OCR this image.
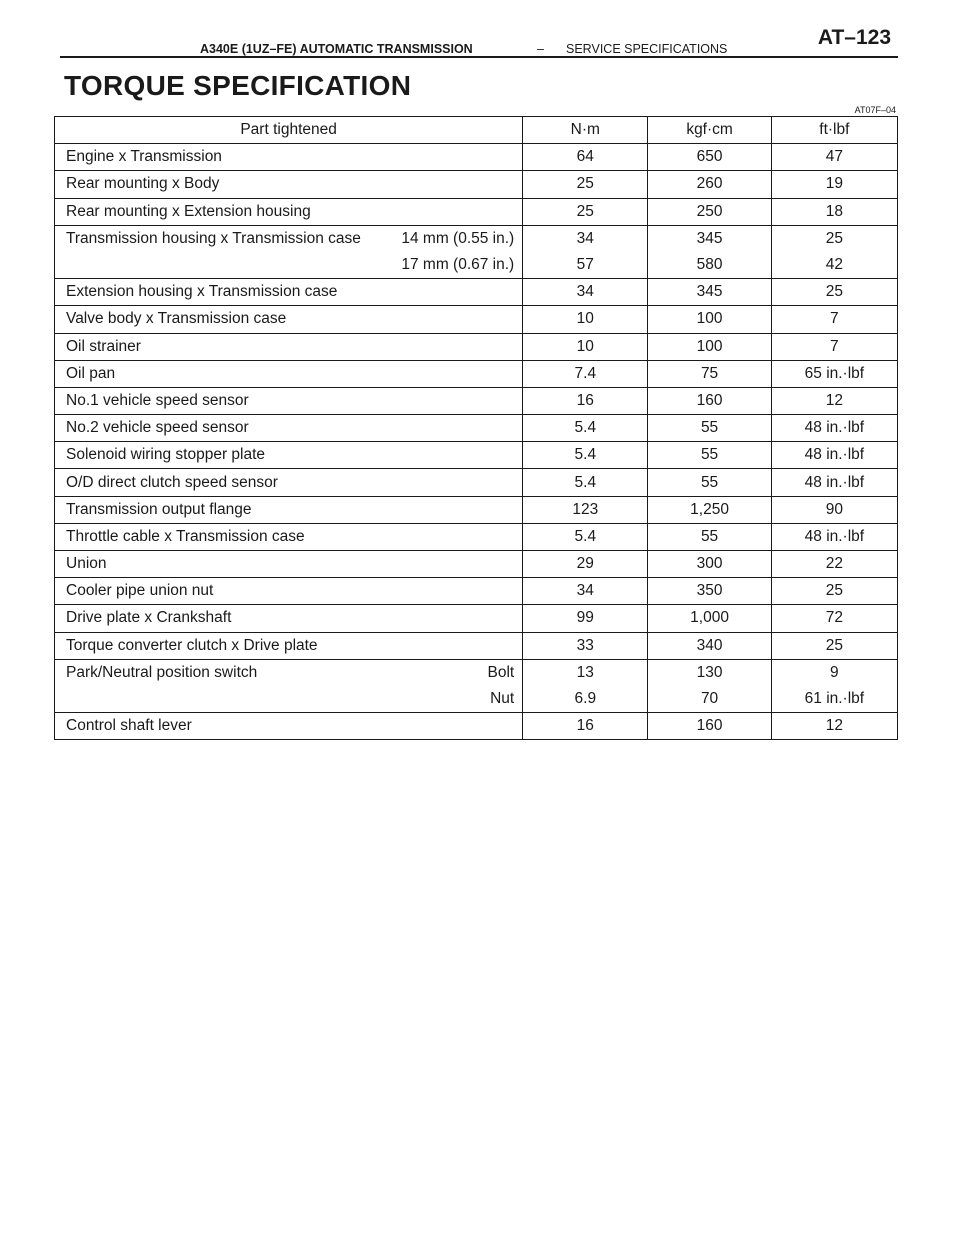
A340E (1UZ–FE) AUTOMATIC TRANSMISSION	– SERVICE SPECIFICATIONS	AT–123
TORQUE SPECIFICATION
AT07F–04
Part tightened	N·m	kgf·cm	ft·lbf

Engine x Transmission	64	650	47

Rear mounting x Body	25	260	19

Rear mounting x Extension housing	25	250	18

Transmission housing x Transmission case 14 mm (0.55 in.)	34	345	25

17 mm (0.67 in.)	57	580	42

Extension housing x Transmission case	34	345	25

Valve body x Transmission case	10	100	7

Oil strainer	10	100	7

Oil pan	7.4	75	65 in.·lbf

No.1 vehicle speed sensor	16	160	12

No.2 vehicle speed sensor	5.4	55	48 in.·lbf

Solenoid wiring stopper plate	5.4	55	48 in.·lbf

O/D direct clutch speed sensor	5.4	55	48 in.·lbf

Transmission output flange	123	1,250	90

Throttle cable x Transmission case	5.4	55	48 in.·lbf

Union	29	300	22

Cooler pipe union nut	34	350	25

Drive plate x Crankshaft	99	1,000	72

Torque converter clutch x Drive plate	33	340	25

Park/Neutral position switch Bolt	13	130	9

Nut	6.9	70	61 in.·lbf

Control shaft lever	16	160	12
